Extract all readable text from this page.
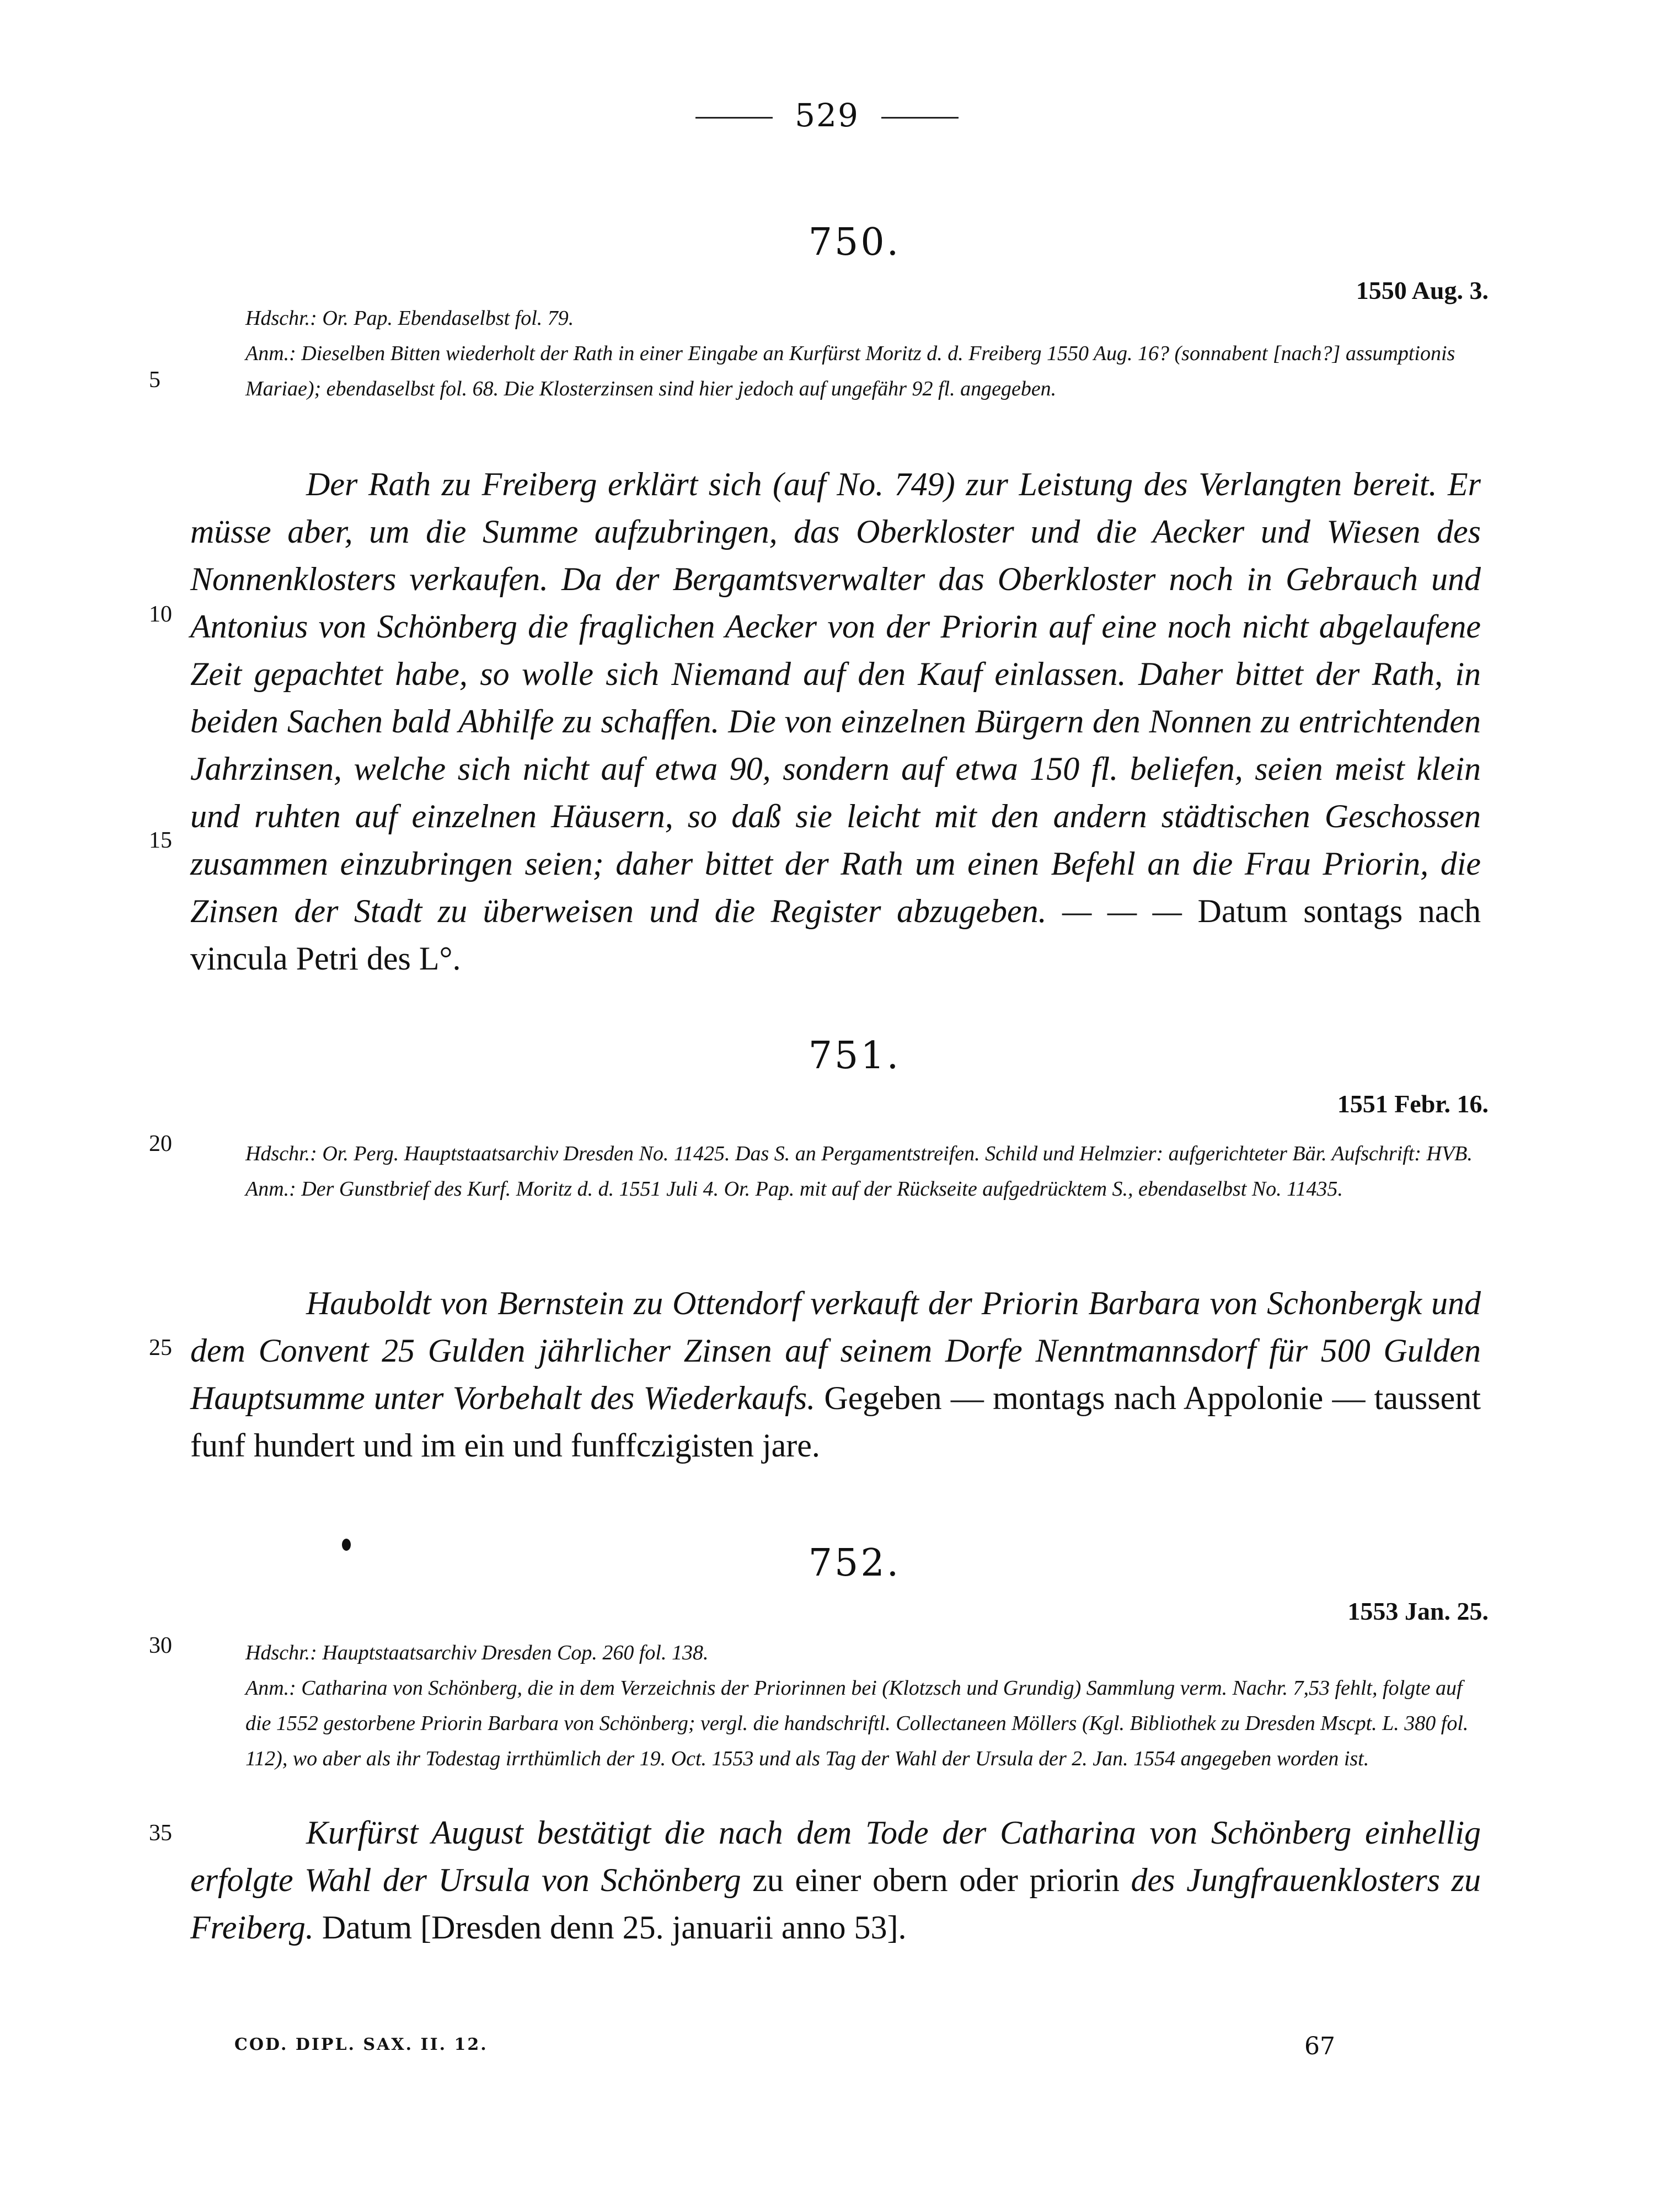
529
750.
1550 Aug. 3.

Hdschr.: Or. Pap. Ebendaselbst fol. 79.

Anm.: Dieselben Bitten wiederholt der Rath in einer Eingabe an Kurfürst Moritz d. d. Freiberg 1550 Aug. 16? (sonnabent [nach?] assumptionis Mariae); ebendaselbst fol. 68. Die Klosterzinsen sind hier jedoch auf ungefähr 92 fl. angegeben.

Der Rath zu Freiberg erklärt sich (auf No. 749) zur Leistung des Verlangten bereit. Er müsse aber, um die Summe aufzubringen, das Oberkloster und die Aecker und Wiesen des Nonnenklosters verkaufen. Da der Bergamtsverwalter das Oberkloster noch in Gebrauch und Antonius von Schönberg die fraglichen Aecker von der Priorin auf eine noch nicht abgelaufene Zeit gepachtet habe, so wolle sich Niemand auf den Kauf einlassen. Daher bittet der Rath, in beiden Sachen bald Abhilfe zu schaffen. Die von einzelnen Bürgern den Nonnen zu entrichtenden Jahrzinsen, welche sich nicht auf etwa 90, sondern auf etwa 150 fl. beliefen, seien meist klein und ruhten auf einzelnen Häusern, so daß sie leicht mit den andern städtischen Geschossen zusammen einzubringen seien; daher bittet der Rath um einen Befehl an die Frau Priorin, die Zinsen der Stadt zu überweisen und die Register abzugeben. — — — Datum sontags nach vincula Petri des L°.
751.
1551 Febr. 16.

Hdschr.: Or. Perg. Hauptstaatsarchiv Dresden No. 11425. Das S. an Pergamentstreifen. Schild und Helmzier: aufgerichteter Bär. Aufschrift: HVB.

Anm.: Der Gunstbrief des Kurf. Moritz d. d. 1551 Juli 4. Or. Pap. mit auf der Rückseite aufgedrücktem S., ebendaselbst No. 11435.

Hauboldt von Bernstein zu Ottendorf verkauft der Priorin Barbara von Schonbergk und dem Convent 25 Gulden jährlicher Zinsen auf seinem Dorfe Nenntmannsdorf für 500 Gulden Hauptsumme unter Vorbehalt des Wiederkaufs. Gegeben — montags nach Appolonie — taussent funf hundert und im ein und funffczigisten jare.
752.
1553 Jan. 25.

Hdschr.: Hauptstaatsarchiv Dresden Cop. 260 fol. 138.

Anm.: Catharina von Schönberg, die in dem Verzeichnis der Priorinnen bei (Klotzsch und Grundig) Sammlung verm. Nachr. 7,53 fehlt, folgte auf die 1552 gestorbene Priorin Barbara von Schönberg; vergl. die handschriftl. Collectaneen Möllers (Kgl. Bibliothek zu Dresden Mscpt. L. 380 fol. 112), wo aber als ihr Todestag irrthümlich der 19. Oct. 1553 und als Tag der Wahl der Ursula der 2. Jan. 1554 angegeben worden ist.

Kurfürst August bestätigt die nach dem Tode der Catharina von Schönberg einhellig erfolgte Wahl der Ursula von Schönberg zu einer obern oder priorin des Jungfrauenklosters zu Freiberg. Datum [Dresden denn 25. januarii anno 53].
5
10
15
20
25
30
35
COD. DIPL. SAX. II. 12.	67
